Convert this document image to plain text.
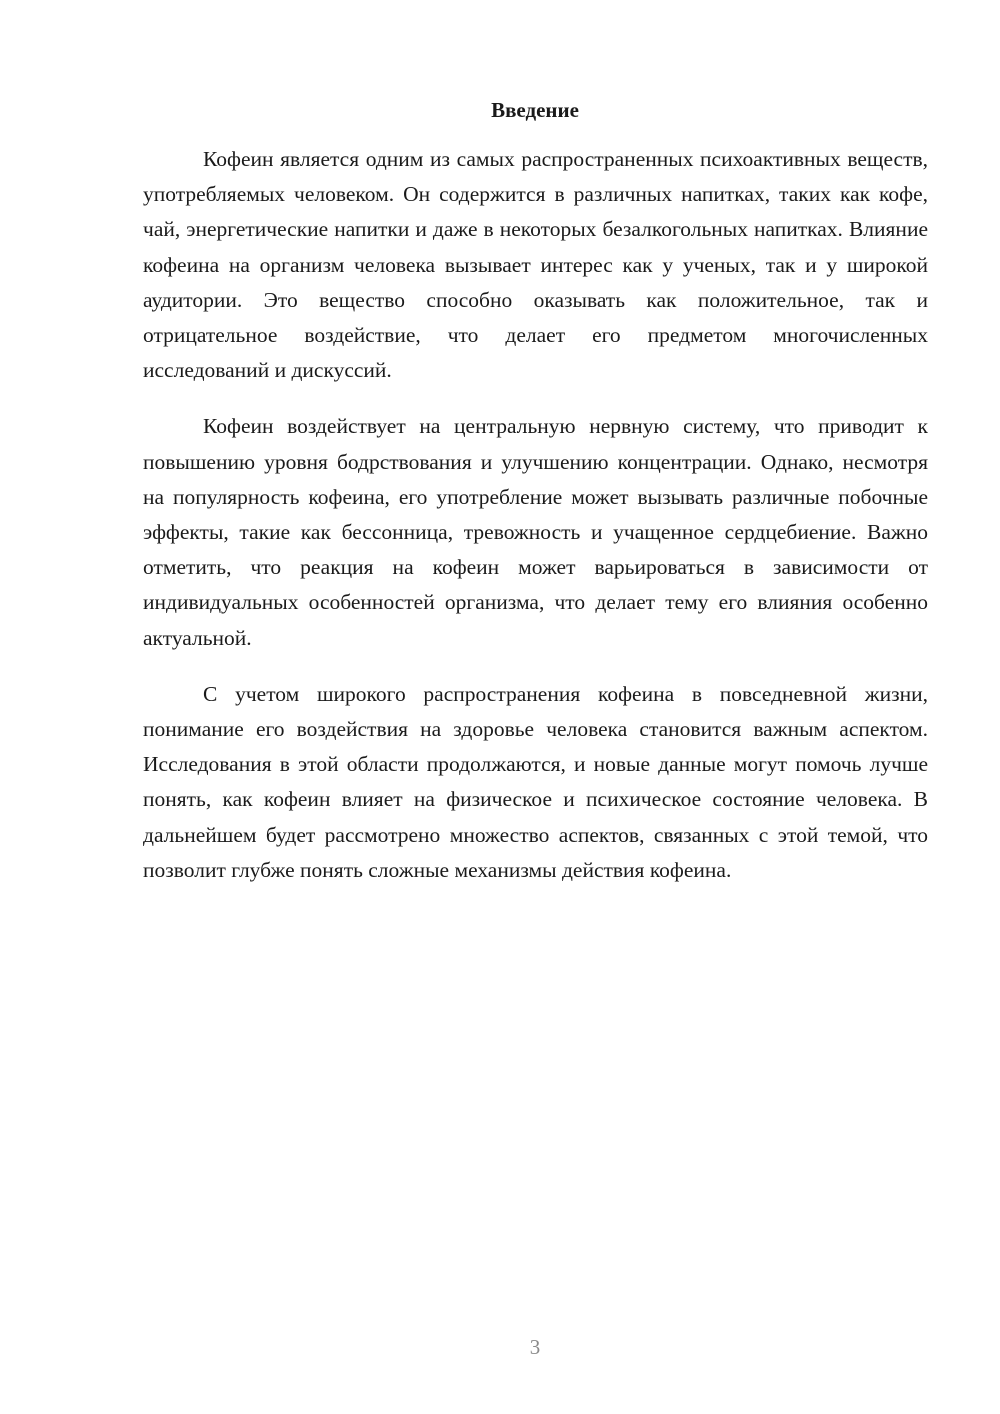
Введение

Кофеин является одним из самых распространенных психоактивных веществ, употребляемых человеком. Он содержится в различных напитках, таких как кофе, чай, энергетические напитки и даже в некоторых безалкогольных напитках. Влияние кофеина на организм человека вызывает интерес как у ученых, так и у широкой аудитории. Это вещество способно оказывать как положительное, так и отрицательное воздействие, что делает его предметом многочисленных исследований и дискуссий.

Кофеин воздействует на центральную нервную систему, что приводит к повышению уровня бодрствования и улучшению концентрации. Однако, несмотря на популярность кофеина, его употребление может вызывать различные побочные эффекты, такие как бессонница, тревожность и учащенное сердцебиение. Важно отметить, что реакция на кофеин может варьироваться в зависимости от индивидуальных особенностей организма, что делает тему его влияния особенно актуальной.

С учетом широкого распространения кофеина в повседневной жизни, понимание его воздействия на здоровье человека становится важным аспектом. Исследования в этой области продолжаются, и новые данные могут помочь лучше понять, как кофеин влияет на физическое и психическое состояние человека. В дальнейшем будет рассмотрено множество аспектов, связанных с этой темой, что позволит глубже понять сложные механизмы действия кофеина.

3
